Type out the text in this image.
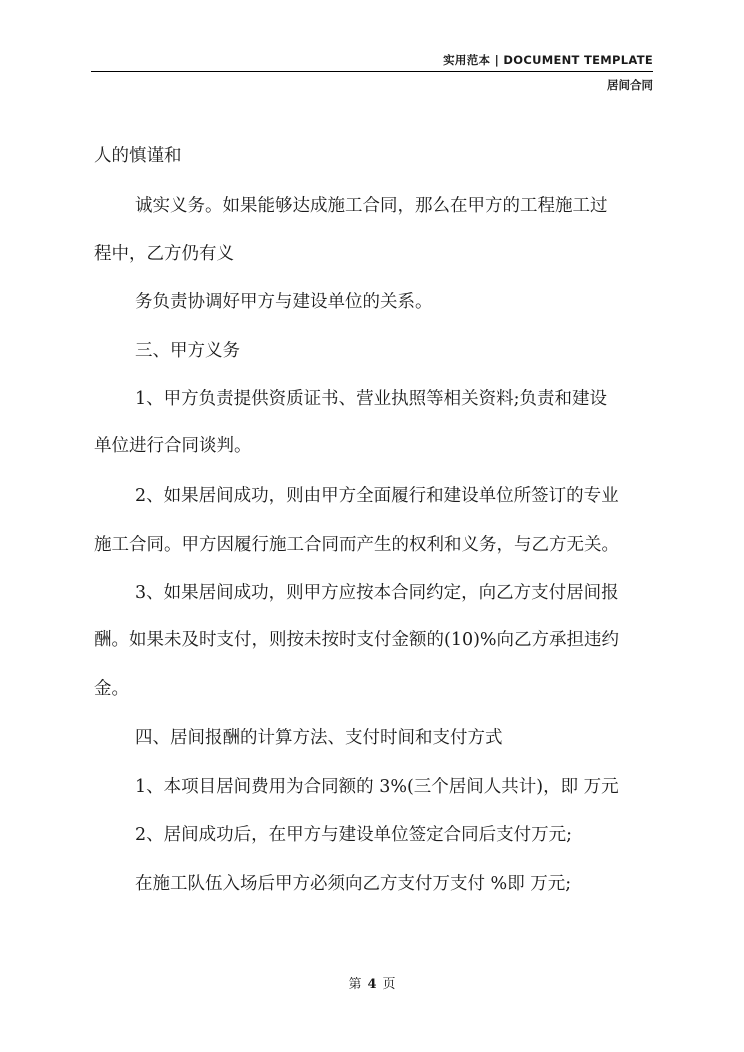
实用范本 | DOCUMENT TEMPLATE
居间合同
人的慎谨和
诚实义务。如果能够达成施工合同，那么在甲方的工程施工过
程中，乙方仍有义
务负责协调好甲方与建设单位的关系。
三、甲方义务
1、甲方负责提供资质证书、营业执照等相关资料;负责和建设
单位进行合同谈判。
2、如果居间成功，则由甲方全面履行和建设单位所签订的专业
施工合同。甲方因履行施工合同而产生的权利和义务，与乙方无关。
3、如果居间成功，则甲方应按本合同约定，向乙方支付居间报
酬。如果未及时支付，则按未按时支付金额的(10)%向乙方承担违约
金。
四、居间报酬的计算方法、支付时间和支付方式
1、本项目居间费用为合同额的 3%(三个居间人共计)，即 万元
2、居间成功后，在甲方与建设单位签定合同后支付万元;
在施工队伍入场后甲方必须向乙方支付万支付 %即 万元;
第 4 页
